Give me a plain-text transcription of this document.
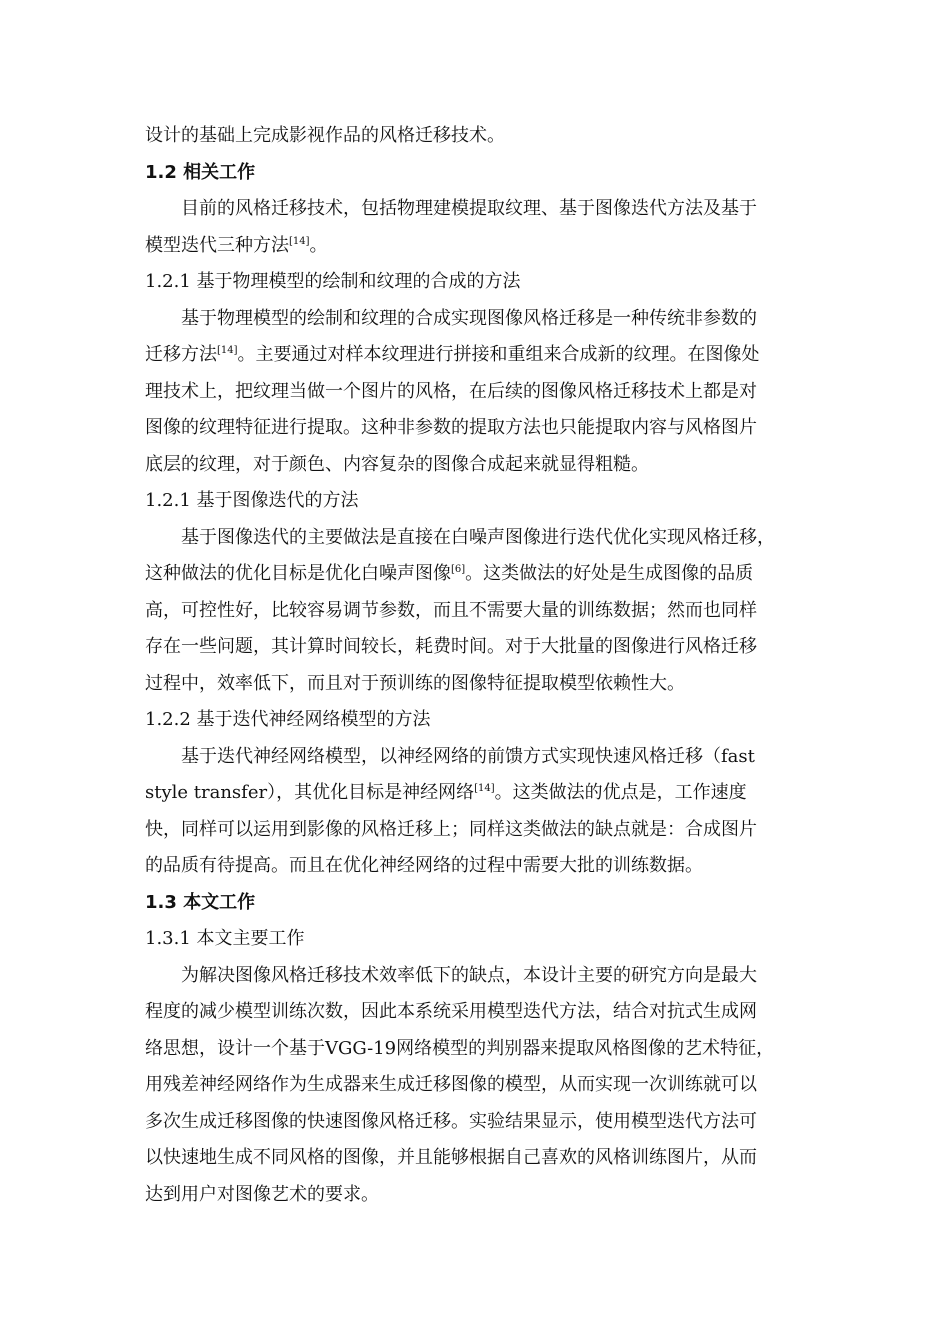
设计的基础上完成影视作品的风格迁移技术。
1.2 相关工作
目前的风格迁移技术，包括物理建模提取纹理、基于图像迭代方法及基于
模型迭代三种方法[14]。
1.2.1 基于物理模型的绘制和纹理的合成的方法
基于物理模型的绘制和纹理的合成实现图像风格迁移是一种传统非参数的
迁移方法[14]。主要通过对样本纹理进行拼接和重组来合成新的纹理。在图像处
理技术上，把纹理当做一个图片的风格，在后续的图像风格迁移技术上都是对
图像的纹理特征进行提取。这种非参数的提取方法也只能提取内容与风格图片
底层的纹理，对于颜色、内容复杂的图像合成起来就显得粗糙。
1.2.1 基于图像迭代的方法
基于图像迭代的主要做法是直接在白噪声图像进行迭代优化实现风格迁移，
这种做法的优化目标是优化白噪声图像[6]。这类做法的好处是生成图像的品质
高，可控性好，比较容易调节参数，而且不需要大量的训练数据；然而也同样
存在一些问题，其计算时间较长，耗费时间。对于大批量的图像进行风格迁移
过程中，效率低下，而且对于预训练的图像特征提取模型依赖性大。
1.2.2 基于迭代神经网络模型的方法
基于迭代神经网络模型，以神经网络的前馈方式实现快速风格迁移（fast
style transfer），其优化目标是神经网络[14]。这类做法的优点是，工作速度
快，同样可以运用到影像的风格迁移上；同样这类做法的缺点就是：合成图片
的品质有待提高。而且在优化神经网络的过程中需要大批的训练数据。
1.3 本文工作
1.3.1 本文主要工作
为解决图像风格迁移技术效率低下的缺点，本设计主要的研究方向是最大
程度的减少模型训练次数，因此本系统采用模型迭代方法，结合对抗式生成网
络思想，设计一个基于VGG-19网络模型的判别器来提取风格图像的艺术特征，
用残差神经网络作为生成器来生成迁移图像的模型，从而实现一次训练就可以
多次生成迁移图像的快速图像风格迁移。实验结果显示，使用模型迭代方法可
以快速地生成不同风格的图像，并且能够根据自己喜欢的风格训练图片，从而
达到用户对图像艺术的要求。
